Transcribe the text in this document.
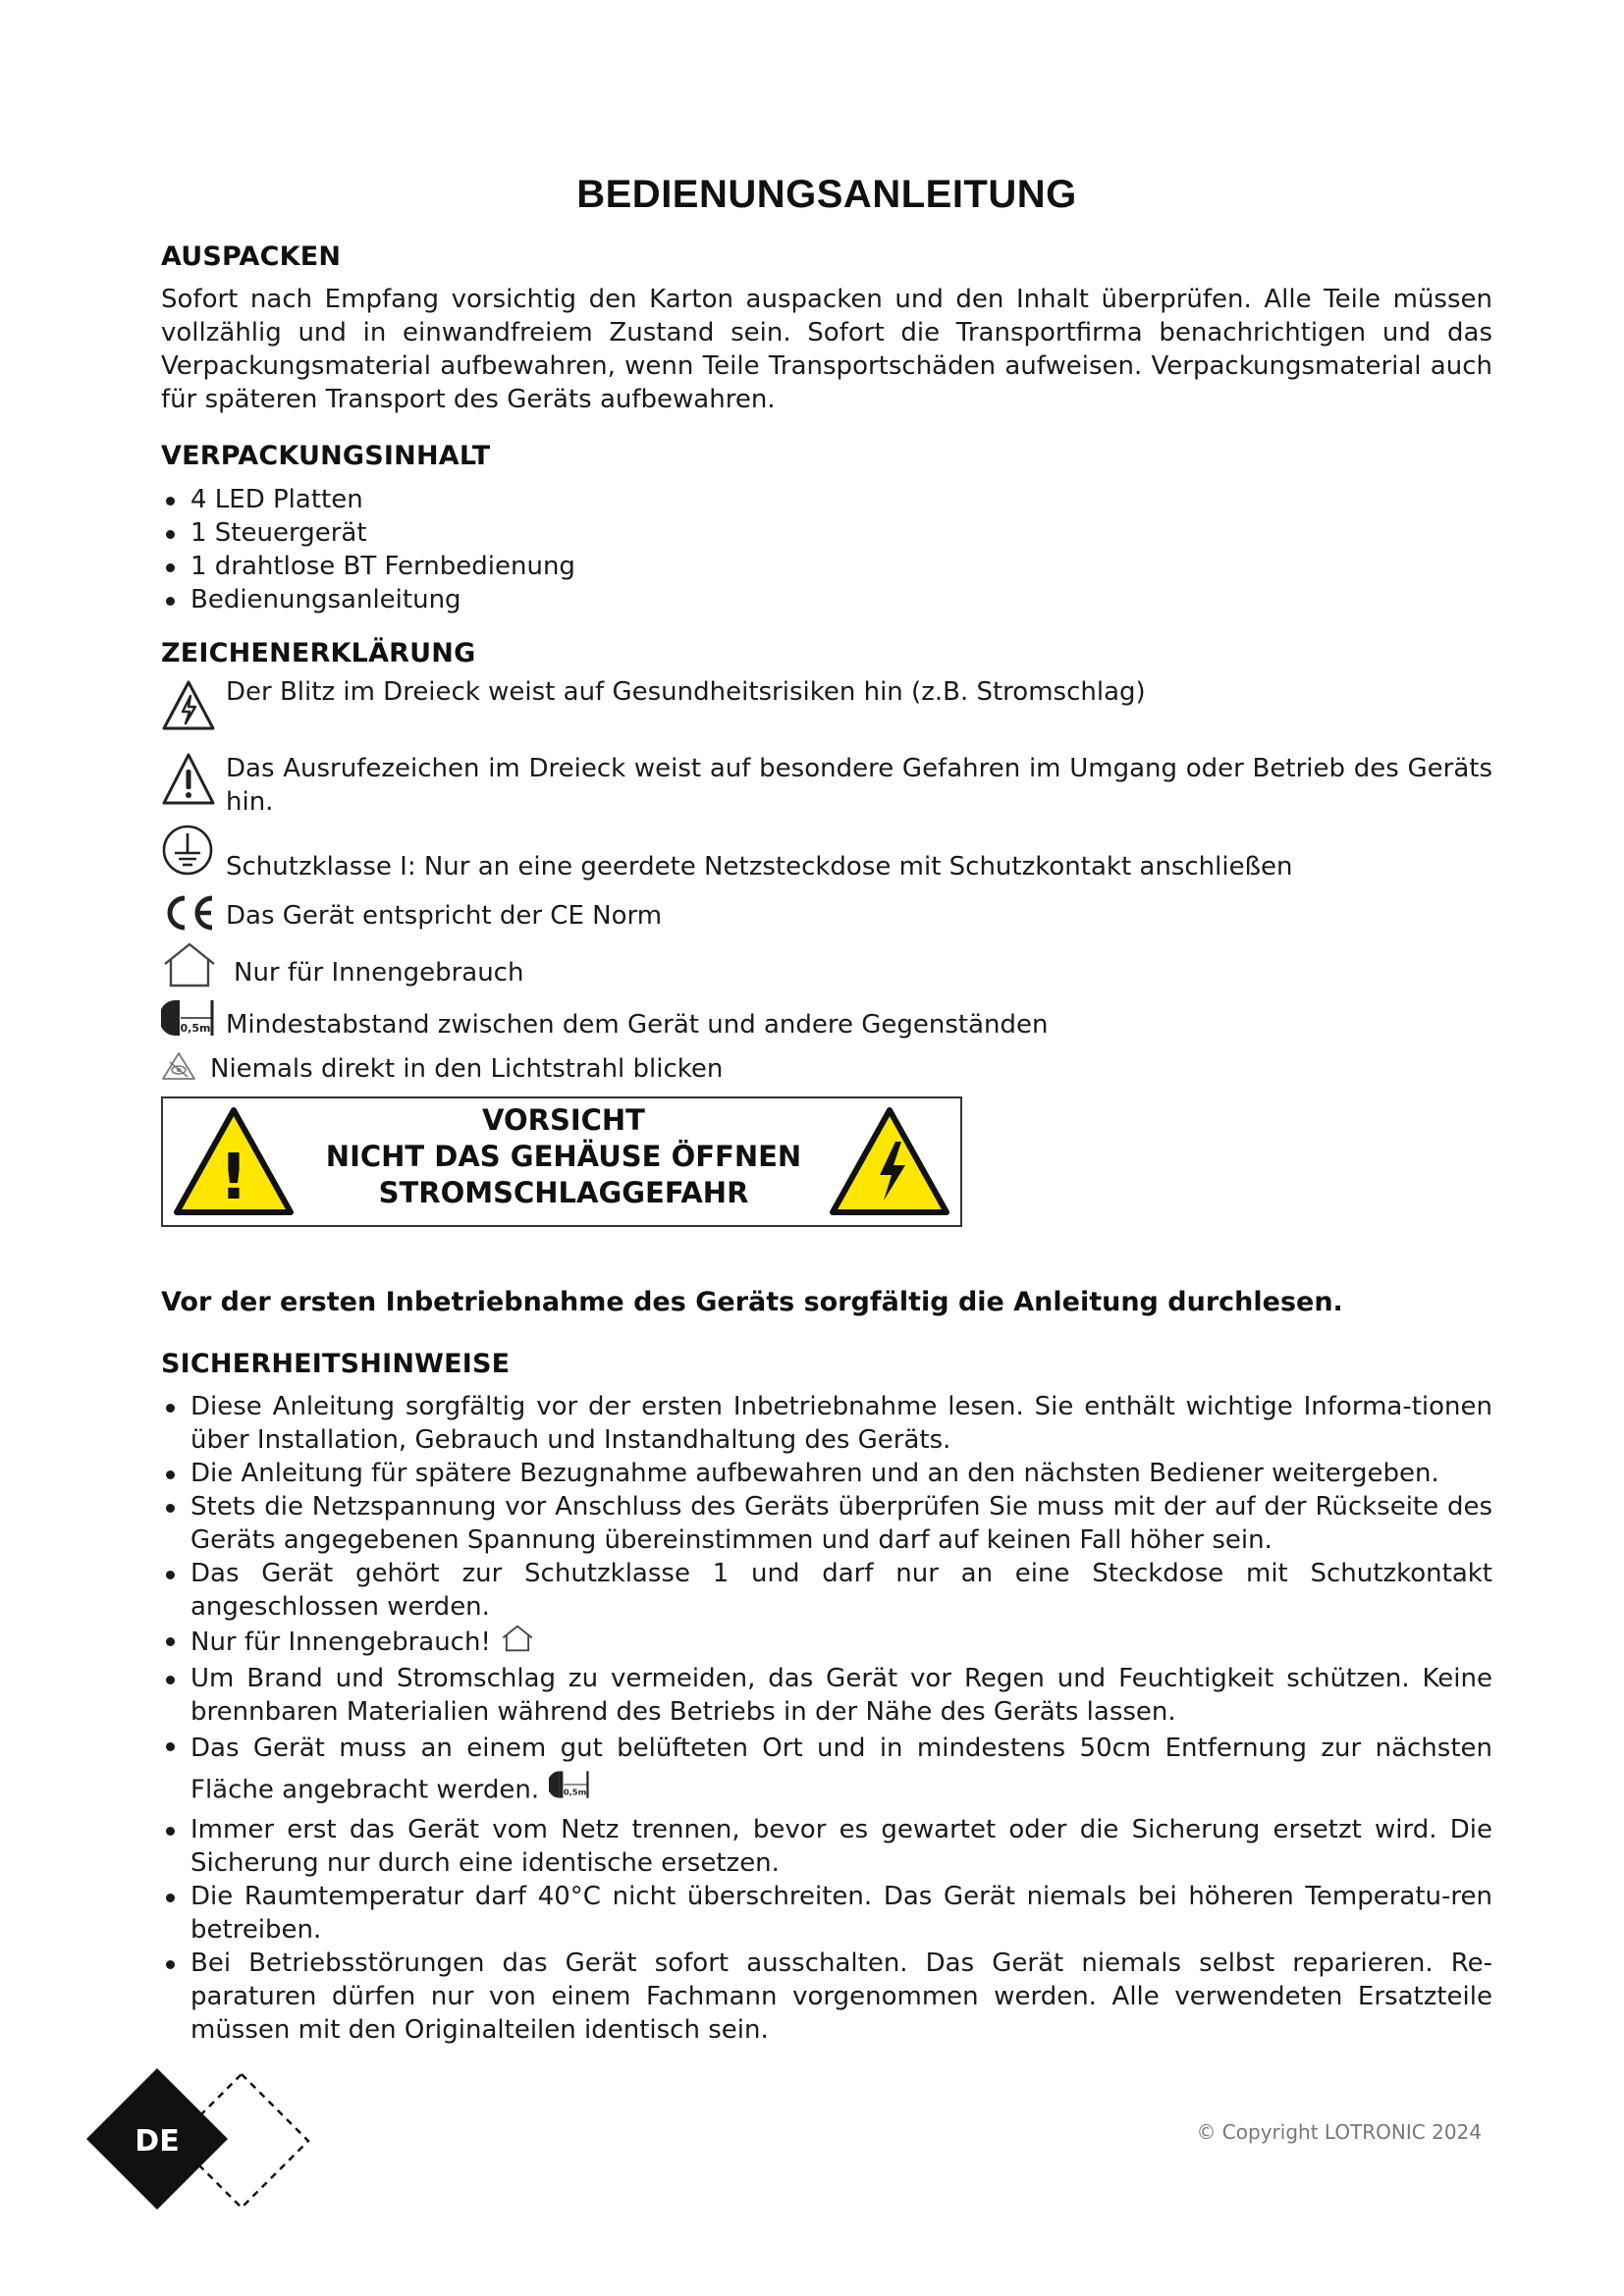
BEDIENUNGSANLEITUNG
AUSPACKEN
Sofort nach Empfang vorsichtig den Karton auspacken und den Inhalt überprüfen. Alle Teile müssen vollzählig und in einwandfreiem Zustand sein. Sofort die Transportfirma benachrichtigen und das Verpackungsmaterial aufbewahren, wenn Teile Transportschäden aufweisen. Verpackungsmaterial auch für späteren Transport des Geräts aufbewahren.
VERPACKUNGSINHALT
4 LED Platten
1 Steuergerät
1 drahtlose BT Fernbedienung
Bedienungsanleitung
ZEICHENERKLÄRUNG
Der Blitz im Dreieck weist auf Gesundheitsrisiken hin (z.B. Stromschlag)
Das Ausrufezeichen im Dreieck weist auf besondere Gefahren im Umgang oder Betrieb des Geräts hin.
Schutzklasse I: Nur an eine geerdete Netzsteckdose mit Schutzkontakt anschließen
Das Gerät entspricht der CE Norm
Nur für Innengebrauch
0,5m Mindestabstand zwischen dem Gerät und andere Gegenständen
Niemals direkt in den Lichtstrahl blicken
!
VORSICHT
NICHT DAS GEHÄUSE ÖFFNEN
STROMSCHLAGGEFAHR
SICHERHEITSHINWEISE
Diese Anleitung sorgfältig vor der ersten Inbetriebnahme lesen. Sie enthält wichtige Informa-tionen über Installation, Gebrauch und Instandhaltung des Geräts.
Die Anleitung für spätere Bezugnahme aufbewahren und an den nächsten Bediener weitergeben.
Stets die Netzspannung vor Anschluss des Geräts überprüfen Sie muss mit der auf der Rückseite des Geräts angegebenen Spannung übereinstimmen und darf auf keinen Fall höher sein.
Das Gerät gehört zur Schutzklasse 1 und darf nur an eine Steckdose mit Schutzkontakt angeschlossen werden.
Nur für Innengebrauch!
Um Brand und Stromschlag zu vermeiden, das Gerät vor Regen und Feuchtigkeit schützen. Keine brennbaren Materialien während des Betriebs in der Nähe des Geräts lassen.
Das Gerät muss an einem gut belüfteten Ort und in mindestens 50cm Entfernung zur nächsten Fläche angebracht werden. 0,5m
Immer erst das Gerät vom Netz trennen, bevor es gewartet oder die Sicherung ersetzt wird. Die Sicherung nur durch eine identische ersetzen.
Die Raumtemperatur darf 40°C nicht überschreiten. Das Gerät niemals bei höheren Temperatu-ren betreiben.
Bei Betriebsstörungen das Gerät sofort ausschalten. Das Gerät niemals selbst reparieren. Re-paraturen dürfen nur von einem Fachmann vorgenommen werden. Alle verwendeten Ersatzteile müssen mit den Originalteilen identisch sein.
DE	© Copyright LOTRONIC 2024
Vor der ersten Inbetriebnahme des Geräts sorgfältig die Anleitung durchlesen.
